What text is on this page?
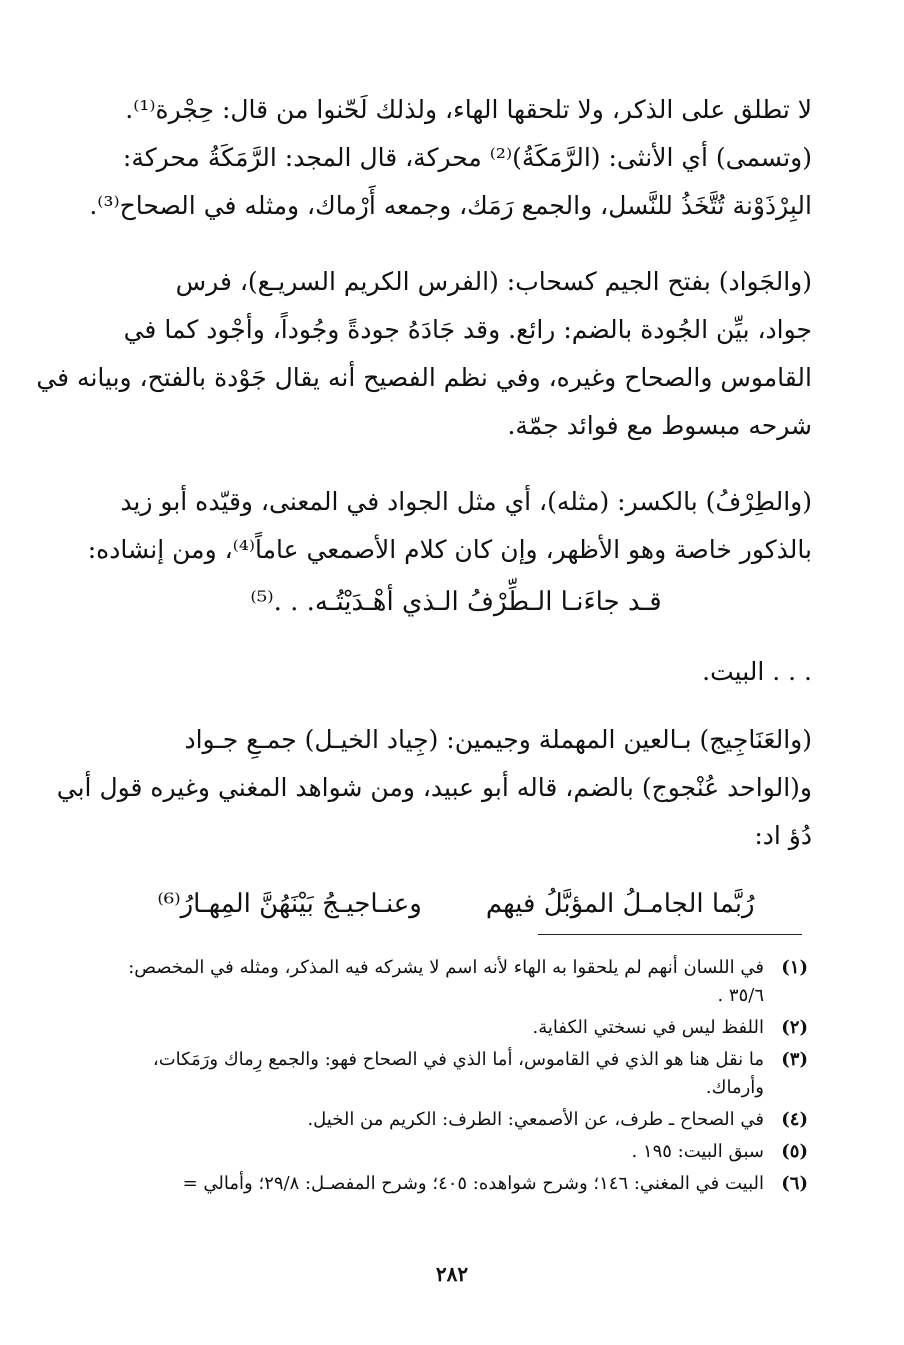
لا تطلق على الذكر، ولا تلحقها الهاء، ولذلك لَحّنوا من قال: حِجْرة⁽¹⁾.
(وتسمى) أي الأنثى: (الرَّمَكَةُ)⁽²⁾ محركة، قال المجد: الرَّمَكَةُ محركة:
البِرْذَوْنة تُتَّخَذُ للنَّسل، والجمع رَمَك، وجمعه أَرْماك، ومثله في الصحاح⁽³⁾.

(والجَواد) بفتح الجيم كسحاب: (الفرس الكريم السريـع)، فرس
جواد، بيِّن الجُودة بالضم: رائع. وقد جَادَهُ جودةً وجُوداً، وأجْود كما في
القاموس والصحاح وغيره، وفي نظم الفصيح أنه يقال جَوْدة بالفتح، وبيانه في
شرحه مبسوط مع فوائد جمّة.

(والطِرْفُ) بالكسر: (مثله)، أي مثل الجواد في المعنى، وقيّده أبو زيد
بالذكور خاصة وهو الأظهر، وإن كان كلام الأصمعي عاماً⁽⁴⁾، ومن إنشاده:

قـد جاءَنـا الـطِّرْفُ الـذي أهْـدَيْتُـه. . .⁽⁵⁾

. . . البيت.

(والعَنَاجِيج) بـالعين المهملة وجيمين: (جِياد الخيـل) جمـعِ جـواد
و(الواحد عُنْجوج) بالضم، قاله أبو عبيد، ومن شواهد المغني وغيره قول أبي
دُؤ اد:

رُبَّما الجامـلُ المؤبَّلُ فيهم
وعنـاجيـجُ بَيْنَهُنَّ المِهـارُ⁽⁶⁾
(١)
في اللسان أنهم لم يلحقوا به الهاء لأنه اسم لا يشركه فيه المذكر، ومثله في المخصص:
٣٥/٦ .
(٢)
اللفظ ليس في نسختي الكفاية.
(٣)
ما نقل هنا هو الذي في القاموس، أما الذي في الصحاح فهو: والجمع رِماك ورَمَكات،
وأرماك.
(٤)
في الصحاح ـ طرف، عن الأصمعي: الطرف: الكريم من الخيل.
(٥)
سبق البيت: ١٩٥ .
(٦)
البيت في المغني: ١٤٦؛ وشرح شواهده: ٤٠٥؛ وشرح المفصـل: ٢٩/٨؛ وأمالي =
٢٨٢
